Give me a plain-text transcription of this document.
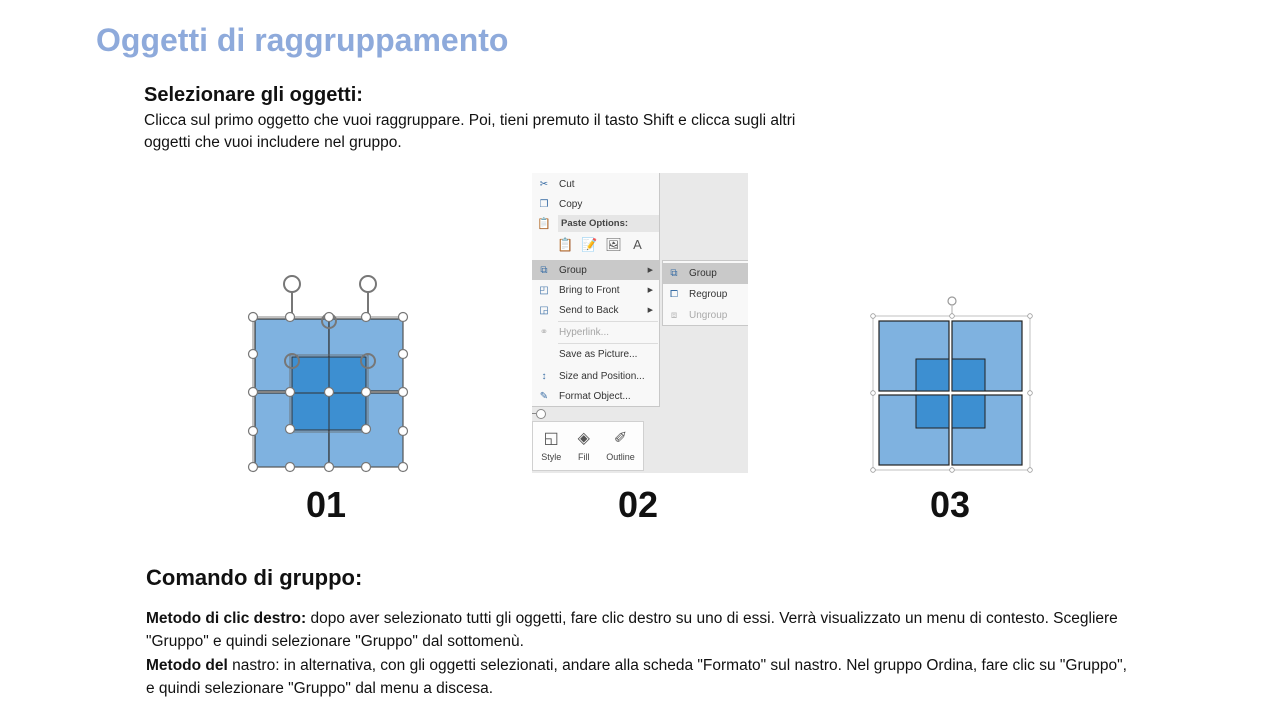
Oggetti di raggruppamento
Selezionare gli oggetti:
Clicca sul primo oggetto che vuoi raggruppare. Poi, tieni premuto il tasto Shift e clicca sugli altri oggetti che vuoi includere nel gruppo.
✂ Cut
❐ Copy
📋	Paste Options:
📋 📝 🖼 A
⧉	Group	▶
◰ Bring to Front	▶
◲ Send to Back	▶
⚭ Hyperlink...
Save as Picture...
↕	Size and Position...
✎ Format Object...
⧉	Group
⧠	Regroup
⧈	Ungroup
◱
Style
◈
Fill
✐
Outline
01	02	03
Comando di gruppo:
Metodo di clic destro: dopo aver selezionato tutti gli oggetti, fare clic destro su uno di essi. Verrà visualizzato un menu di contesto. Scegliere "Gruppo" e quindi selezionare "Gruppo" dal sottomenù.
Metodo del nastro: in alternativa, con gli oggetti selezionati, andare alla scheda "Formato" sul nastro. Nel gruppo Ordina, fare clic su "Gruppo", e quindi selezionare "Gruppo" dal menu a discesa.
